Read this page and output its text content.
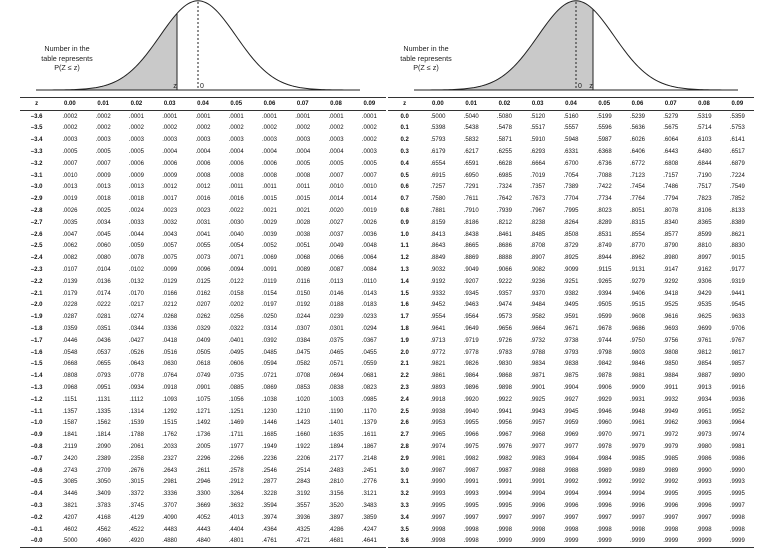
z	0
Number in the
table represents
P(Z ≤ z)
z	0.00	0.01	0.02	0.03	0.04	0.05	0.06	0.07	0.08	0.09
–3.6	.0002	.0002	.0001	.0001	.0001	.0001	.0001	.0001	.0001	.0001
–3.5	.0002	.0002	.0002	.0002	.0002	.0002	.0002	.0002	.0002	.0002
–3.4	.0003	.0003	.0003	.0003	.0003	.0003	.0003	.0003	.0003	.0002
–3.3	.0005	.0005	.0005	.0004	.0004	.0004	.0004	.0004	.0004	.0003
–3.2	.0007	.0007	.0006	.0006	.0006	.0006	.0006	.0005	.0005	.0005
–3.1	.0010	.0009	.0009	.0009	.0008	.0008	.0008	.0008	.0007	.0007
–3.0	.0013	.0013	.0013	.0012	.0012	.0011	.0011	.0011	.0010	.0010
–2.9	.0019	.0018	.0018	.0017	.0016	.0016	.0015	.0015	.0014	.0014
–2.8	.0026	.0025	.0024	.0023	.0023	.0022	.0021	.0021	.0020	.0019
–2.7	.0035	.0034	.0033	.0032	.0031	.0030	.0029	.0028	.0027	.0026
–2.6	.0047	.0045	.0044	.0043	.0041	.0040	.0039	.0038	.0037	.0036
–2.5	.0062	.0060	.0059	.0057	.0055	.0054	.0052	.0051	.0049	.0048
–2.4	.0082	.0080	.0078	.0075	.0073	.0071	.0069	.0068	.0066	.0064
–2.3	.0107	.0104	.0102	.0099	.0096	.0094	.0091	.0089	.0087	.0084
–2.2	.0139	.0136	.0132	.0129	.0125	.0122	.0119	.0116	.0113	.0110
–2.1	.0179	.0174	.0170	.0166	.0162	.0158	.0154	.0150	.0146	.0143
–2.0	.0228	.0222	.0217	.0212	.0207	.0202	.0197	.0192	.0188	.0183
–1.9	.0287	.0281	.0274	.0268	.0262	.0256	.0250	.0244	.0239	.0233
–1.8	.0359	.0351	.0344	.0336	.0329	.0322	.0314	.0307	.0301	.0294
–1.7	.0446	.0436	.0427	.0418	.0409	.0401	.0392	.0384	.0375	.0367
–1.6	.0548	.0537	.0526	.0516	.0505	.0495	.0485	.0475	.0465	.0455
–1.5	.0668	.0655	.0643	.0630	.0618	.0606	.0594	.0582	.0571	.0559
–1.4	.0808	.0793	.0778	.0764	.0749	.0735	.0721	.0708	.0694	.0681
–1.3	.0968	.0951	.0934	.0918	.0901	.0885	.0869	.0853	.0838	.0823
–1.2	.1151	.1131	.1112	.1093	.1075	.1056	.1038	.1020	.1003	.0985
–1.1	.1357	.1335	.1314	.1292	.1271	.1251	.1230	.1210	.1190	.1170
–1.0	.1587	.1562	.1539	.1515	.1492	.1469	.1446	.1423	.1401	.1379
–0.9	.1841	.1814	.1788	.1762	.1736	.1711	.1685	.1660	.1635	.1611
–0.8	.2119	.2090	.2061	.2033	.2005	.1977	.1949	.1922	.1894	.1867
–0.7	.2420	.2389	.2358	.2327	.2296	.2266	.2236	.2206	.2177	.2148
–0.6	.2743	.2709	.2676	.2643	.2611	.2578	.2546	.2514	.2483	.2451
–0.5	.3085	.3050	.3015	.2981	.2946	.2912	.2877	.2843	.2810	.2776
–0.4	.3446	.3409	.3372	.3336	.3300	.3264	.3228	.3192	.3156	.3121
–0.3	.3821	.3783	.3745	.3707	.3669	.3632	.3594	.3557	.3520	.3483
–0.2	.4207	.4168	.4129	.4090	.4052	.4013	.3974	.3936	.3897	.3859
–0.1	.4602	.4562	.4522	.4483	.4443	.4404	.4364	.4325	.4286	.4247
–0.0	.5000	.4960	.4920	.4880	.4840	.4801	.4761	.4721	.4681	.4641
z
0
Number in the
table represents
P(Z ≤ z)
z	0.00	0.01	0.02	0.03	0.04	0.05	0.06	0.07	0.08	0.09
0.0	.5000	.5040	.5080	.5120	.5160	.5199	.5239	.5279	.5319	.5359
0.1	.5398	.5438	.5478	.5517	.5557	.5596	.5636	.5675	.5714	.5753
0.2	.5793	.5832	.5871	.5910	.5948	.5987	.6026	.6064	.6103	.6141
0.3	.6179	.6217	.6255	.6293	.6331	.6368	.6406	.6443	.6480	.6517
0.4	.6554	.6591	.6628	.6664	.6700	.6736	.6772	.6808	.6844	.6879
0.5	.6915	.6950	.6985	.7019	.7054	.7088	.7123	.7157	.7190	.7224
0.6	.7257	.7291	.7324	.7357	.7389	.7422	.7454	.7486	.7517	.7549
0.7	.7580	.7611	.7642	.7673	.7704	.7734	.7764	.7794	.7823	.7852
0.8	.7881	.7910	.7939	.7967	.7995	.8023	.8051	.8078	.8106	.8133
0.9	.8159	.8186	.8212	.8238	.8264	.8289	.8315	.8340	.8365	.8389
1.0	.8413	.8438	.8461	.8485	.8508	.8531	.8554	.8577	.8599	.8621
1.1	.8643	.8665	.8686	.8708	.8729	.8749	.8770	.8790	.8810	.8830
1.2	.8849	.8869	.8888	.8907	.8925	.8944	.8962	.8980	.8997	.9015
1.3	.9032	.9049	.9066	.9082	.9099	.9115	.9131	.9147	.9162	.9177
1.4	.9192	.9207	.9222	.9236	.9251	.9265	.9279	.9292	.9306	.9319
1.5	.9332	.9345	.9357	.9370	.9382	.9394	.9406	.9418	.9429	.9441
1.6	.9452	.9463	.9474	.9484	.9495	.9505	.9515	.9525	.9535	.9545
1.7	.9554	.9564	.9573	.9582	.9591	.9599	.9608	.9616	.9625	.9633
1.8	.9641	.9649	.9656	.9664	.9671	.9678	.9686	.9693	.9699	.9706
1.9	.9713	.9719	.9726	.9732	.9738	.9744	.9750	.9756	.9761	.9767
2.0	.9772	.9778	.9783	.9788	.9793	.9798	.9803	.9808	.9812	.9817
2.1	.9821	.9826	.9830	.9834	.9838	.9842	.9846	.9850	.9854	.9857
2.2	.9861	.9864	.9868	.9871	.9875	.9878	.9881	.9884	.9887	.9890
2.3	.9893	.9896	.9898	.9901	.9904	.9906	.9909	.9911	.9913	.9916
2.4	.9918	.9920	.9922	.9925	.9927	.9929	.9931	.9932	.9934	.9936
2.5	.9938	.9940	.9941	.9943	.9945	.9946	.9948	.9949	.9951	.9952
2.6	.9953	.9955	.9956	.9957	.9959	.9960	.9961	.9962	.9963	.9964
2.7	.9965	.9966	.9967	.9968	.9969	.9970	.9971	.9972	.9973	.9974
2.8	.9974	.9975	.9976	.9977	.9977	.9978	.9979	.9979	.9980	.9981
2.9	.9981	.9982	.9982	.9983	.9984	.9984	.9985	.9985	.9986	.9986
3.0	.9987	.9987	.9987	.9988	.9988	.9989	.9989	.9989	.9990	.9990
3.1	.9990	.9991	.9991	.9991	.9992	.9992	.9992	.9992	.9993	.9993
3.2	.9993	.9993	.9994	.9994	.9994	.9994	.9994	.9995	.9995	.9995
3.3	.9995	.9995	.9995	.9996	.9996	.9996	.9996	.9996	.9996	.9997
3.4	.9997	.9997	.9997	.9997	.9997	.9997	.9997	.9997	.9997	.9998
3.5	.9998	.9998	.9998	.9998	.9998	.9998	.9998	.9998	.9998	.9998
3.6	.9998	.9998	.9999	.9999	.9999	.9999	.9999	.9999	.9999	.9999
